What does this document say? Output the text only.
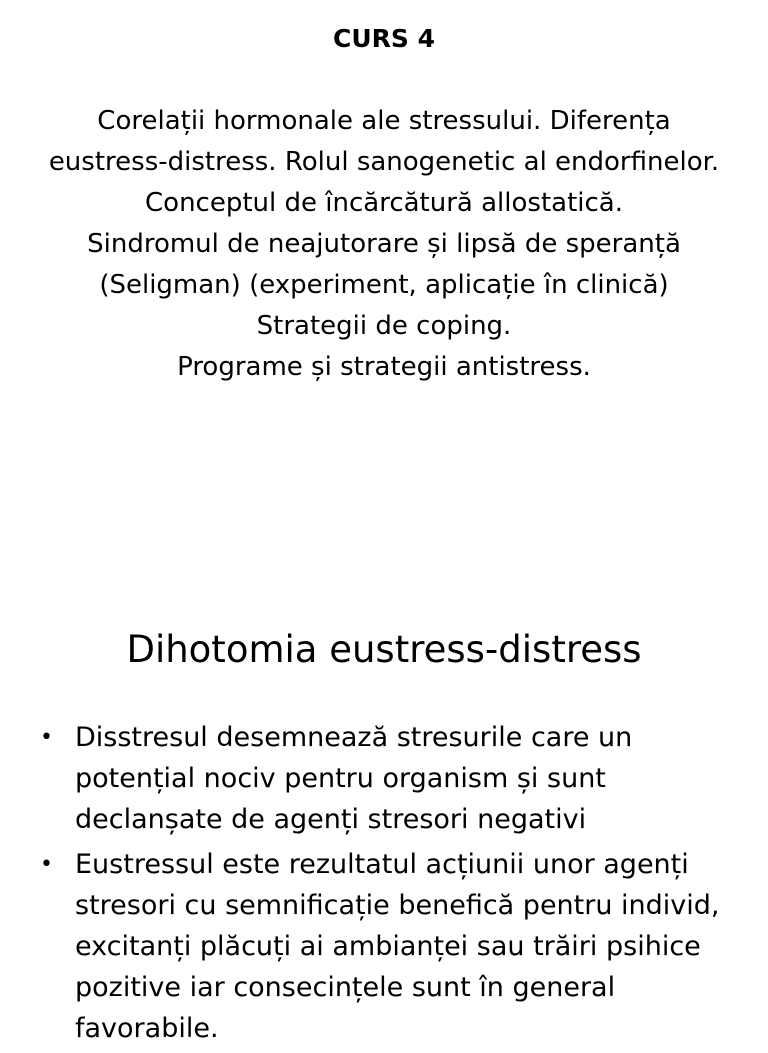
CURS 4
Corelații hormonale ale stressului. Diferența eustress-distress. Rolul sanogenetic al endorfinelor.
Conceptul de încărcătură allostatică.
Sindromul de neajutorare și lipsă de speranță (Seligman) (experiment, aplicație în clinică)
Strategii de coping.
Programe și strategii antistress.
Dihotomia eustress-distress
• Disstresul desemnează stresurile care un potențial nociv pentru organism și sunt declanșate de agenți stresori negativi
• Eustressul este rezultatul acțiunii unor agenți stresori cu semnificație benefică pentru individ, excitanți plăcuți ai ambianței sau trăiri psihice pozitive iar consecințele sunt în general favorabile.
